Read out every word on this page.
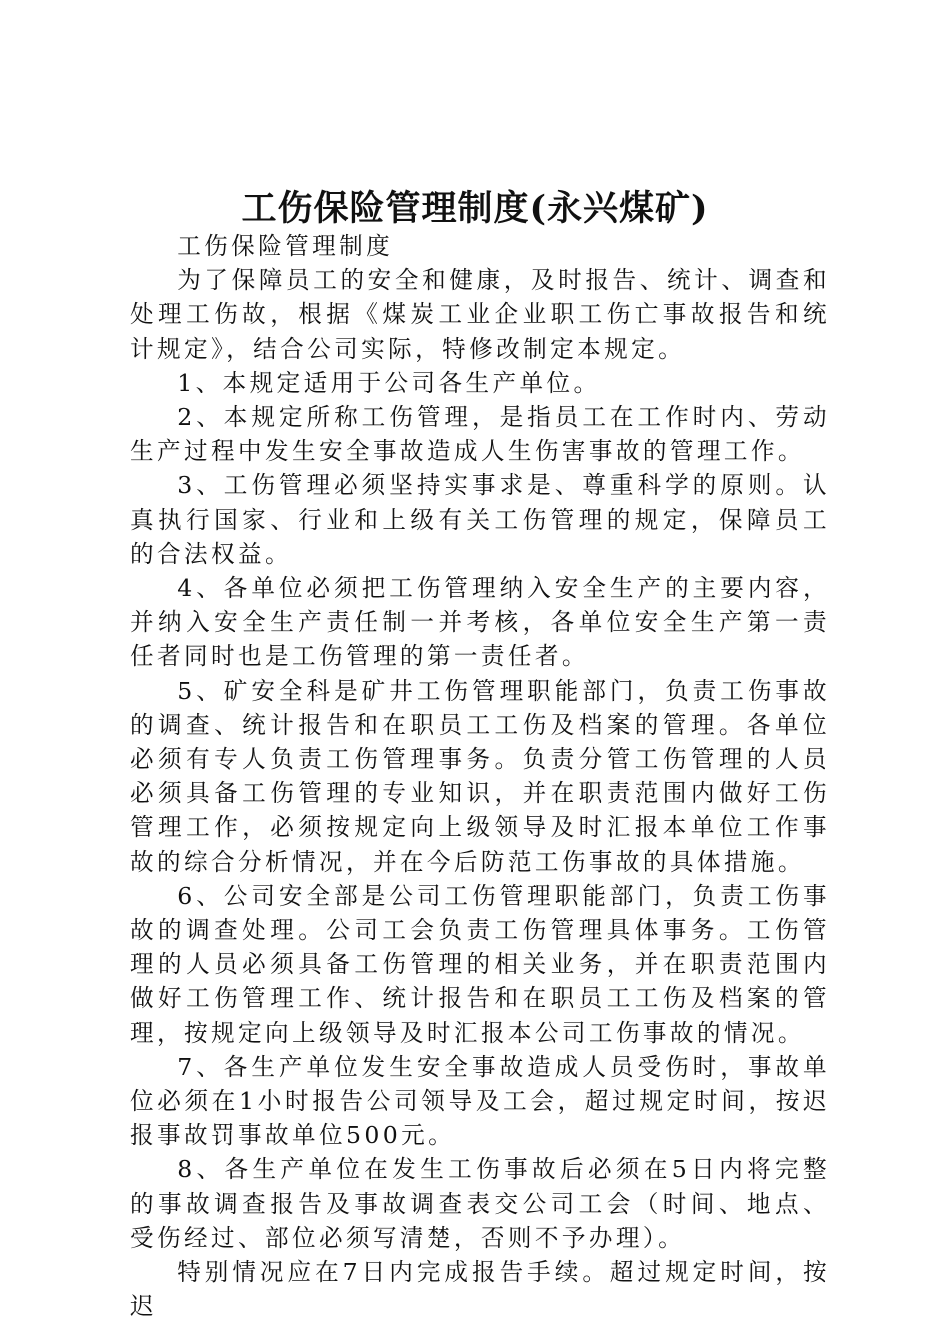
工伤保险管理制度(永兴煤矿)

工伤保险管理制度

为了保障员工的安全和健康，及时报告、统计、调查和处理工伤故，根据《煤炭工业企业职工伤亡事故报告和统计规定》，结合公司实际，特修改制定本规定。

1、本规定适用于公司各生产单位。

2、本规定所称工伤管理，是指员工在工作时内、劳动生产过程中发生安全事故造成人生伤害事故的管理工作。

3、工伤管理必须坚持实事求是、尊重科学的原则。认真执行国家、行业和上级有关工伤管理的规定，保障员工的合法权益。

4、各单位必须把工伤管理纳入安全生产的主要内容，并纳入安全生产责任制一并考核，各单位安全生产第一责任者同时也是工伤管理的第一责任者。

5、矿安全科是矿井工伤管理职能部门，负责工伤事故的调查、统计报告和在职员工工伤及档案的管理。各单位必须有专人负责工伤管理事务。负责分管工伤管理的人员必须具备工伤管理的专业知识，并在职责范围内做好工伤管理工作，必须按规定向上级领导及时汇报本单位工作事故的综合分析情况，并在今后防范工伤事故的具体措施。

6、公司安全部是公司工伤管理职能部门，负责工伤事故的调查处理。公司工会负责工伤管理具体事务。工伤管理的人员必须具备工伤管理的相关业务，并在职责范围内做好工伤管理工作、统计报告和在职员工工伤及档案的管理，按规定向上级领导及时汇报本公司工伤事故的情况。

7、各生产单位发生安全事故造成人员受伤时，事故单位必须在1小时报告公司领导及工会，超过规定时间，按迟报事故罚事故单位500元。

8、各生产单位在发生工伤事故后必须在5日内将完整的事故调查报告及事故调查表交公司工会（时间、地点、受伤经过、部位必须写清楚，否则不予办理）。

特别情况应在7日内完成报告手续。超过规定时间，按迟
